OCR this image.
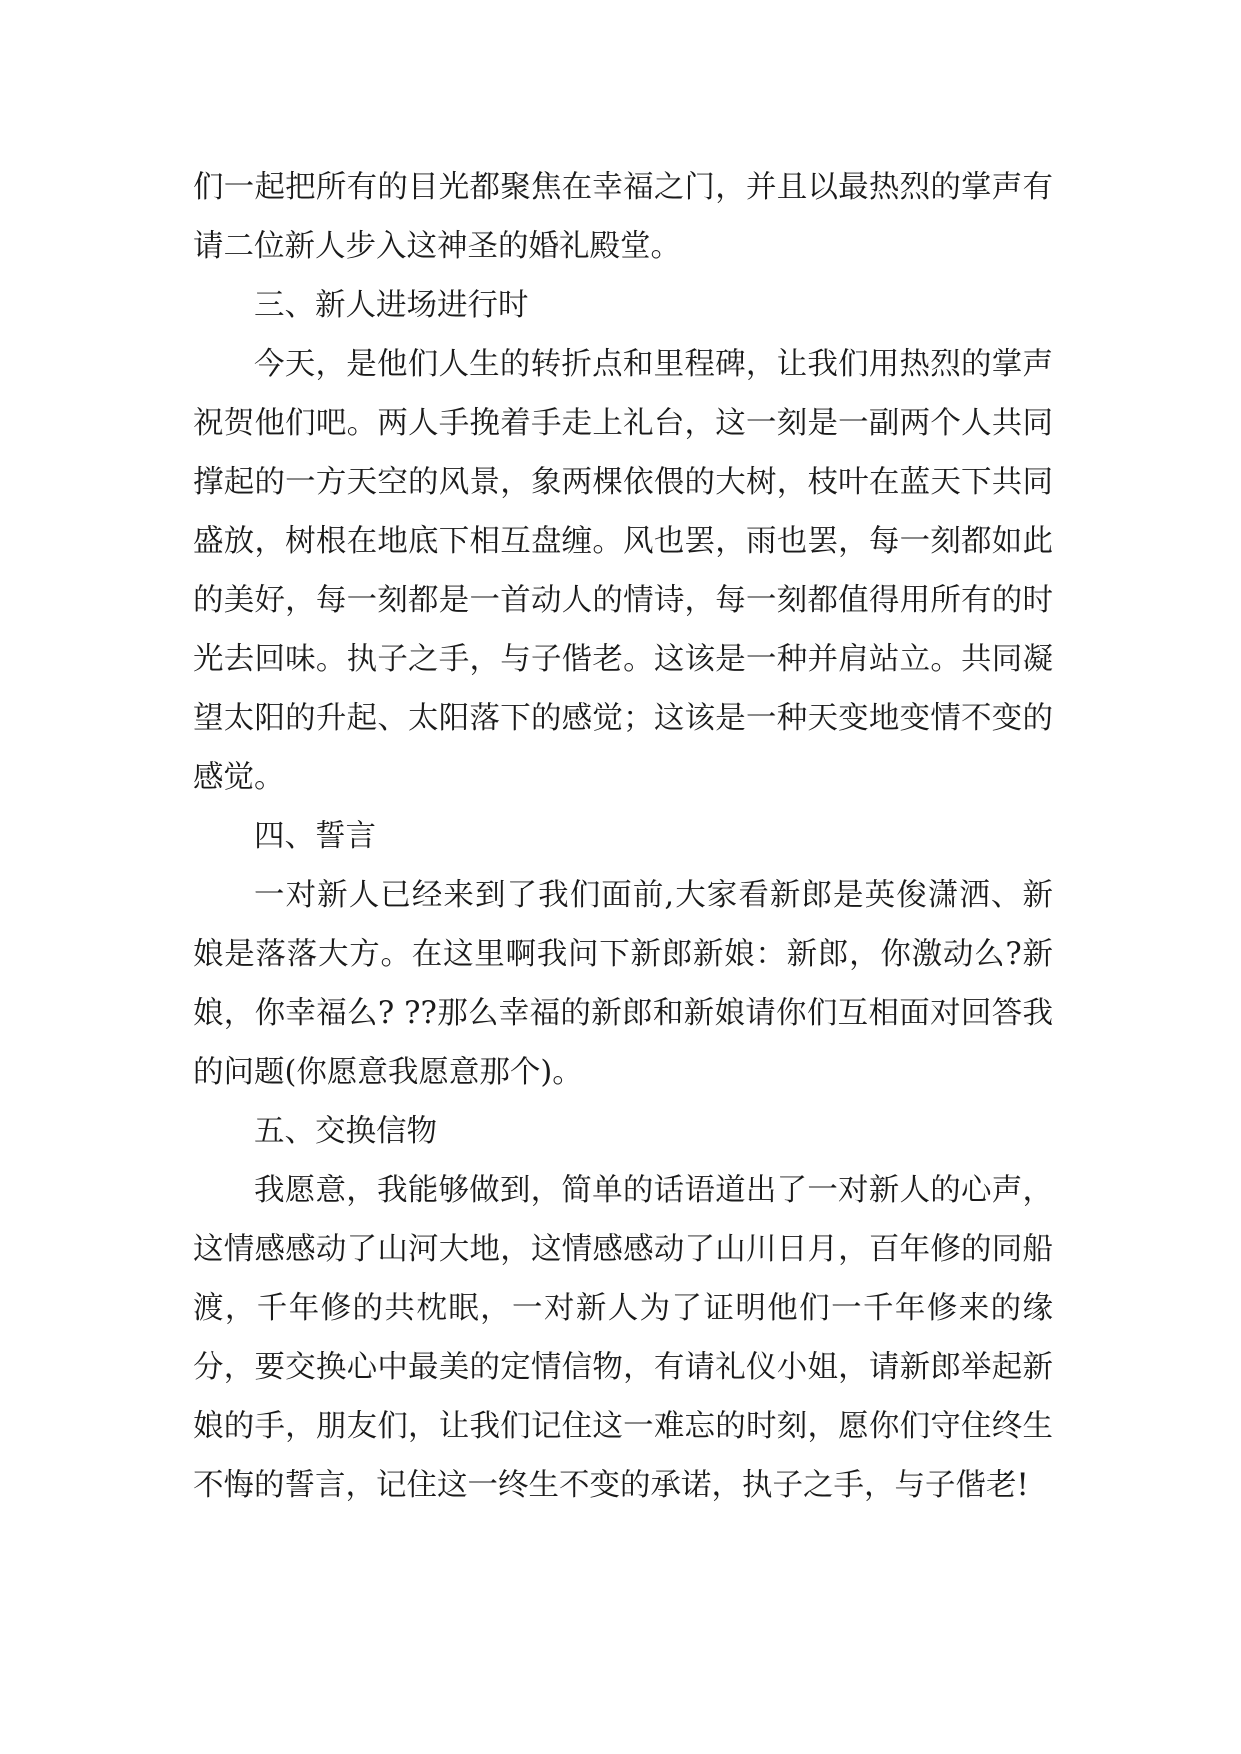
们一起把所有的目光都聚焦在幸福之门，并且以最热烈的掌声有请二位新人步入这神圣的婚礼殿堂。

三、新人进场进行时

今天，是他们人生的转折点和里程碑，让我们用热烈的掌声祝贺他们吧。两人手挽着手走上礼台，这一刻是一副两个人共同撑起的一方天空的风景，象两棵依偎的大树，枝叶在蓝天下共同盛放，树根在地底下相互盘缠。风也罢，雨也罢，每一刻都如此的美好，每一刻都是一首动人的情诗，每一刻都值得用所有的时光去回味。执子之手，与子偕老。这该是一种并肩站立。共同凝望太阳的升起、太阳落下的感觉；这该是一种天变地变情不变的感觉。

四、誓言

一对新人已经来到了我们面前,大家看新郎是英俊潇洒、新娘是落落大方。在这里啊我问下新郎新娘：新郎，你激动么?新娘，你幸福么? ??那么幸福的新郎和新娘请你们互相面对回答我的问题(你愿意我愿意那个)。

五、交换信物

我愿意，我能够做到，简单的话语道出了一对新人的心声，这情感感动了山河大地，这情感感动了山川日月，百年修的同船渡，千年修的共枕眠，一对新人为了证明他们一千年修来的缘分，要交换心中最美的定情信物，有请礼仪小姐，请新郎举起新娘的手，朋友们，让我们记住这一难忘的时刻，愿你们守住终生不悔的誓言，记住这一终生不变的承诺，执子之手，与子偕老!
